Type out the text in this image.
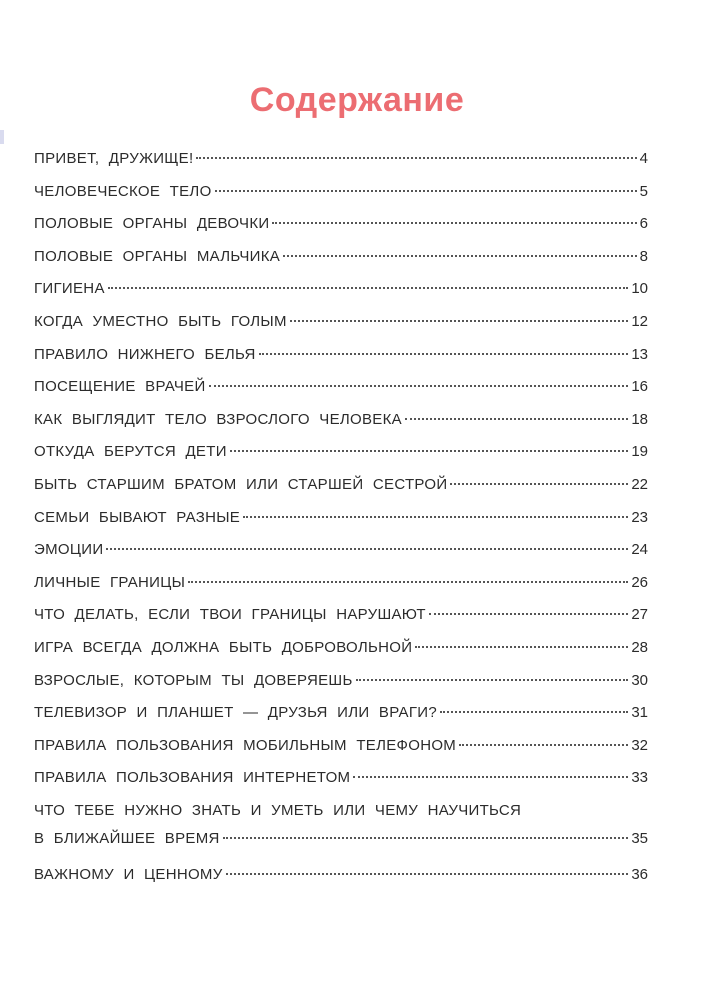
Содержание
ПРИВЕТ, ДРУЖИЩЕ!	4
ЧЕЛОВЕЧЕСКОЕ ТЕЛО	5
ПОЛОВЫЕ ОРГАНЫ ДЕВОЧКИ	6
ПОЛОВЫЕ ОРГАНЫ МАЛЬЧИКА	8
ГИГИЕНА	10
КОГДА УМЕСТНО БЫТЬ ГОЛЫМ	12
ПРАВИЛО НИЖНЕГО БЕЛЬЯ	13
ПОСЕЩЕНИЕ ВРАЧЕЙ	16
КАК ВЫГЛЯДИТ ТЕЛО ВЗРОСЛОГО ЧЕЛОВЕКА	18
ОТКУДА БЕРУТСЯ ДЕТИ	19
БЫТЬ СТАРШИМ БРАТОМ ИЛИ СТАРШЕЙ СЕСТРОЙ	22
СЕМЬИ БЫВАЮТ РАЗНЫЕ	23
ЭМОЦИИ	24
ЛИЧНЫЕ ГРАНИЦЫ	26
ЧТО ДЕЛАТЬ, ЕСЛИ ТВОИ ГРАНИЦЫ НАРУШАЮТ	27
ИГРА ВСЕГДА ДОЛЖНА БЫТЬ ДОБРОВОЛЬНОЙ	28
ВЗРОСЛЫЕ, КОТОРЫМ ТЫ ДОВЕРЯЕШЬ	30
ТЕЛЕВИЗОР И ПЛАНШЕТ — ДРУЗЬЯ ИЛИ ВРАГИ?	31
ПРАВИЛА ПОЛЬЗОВАНИЯ МОБИЛЬНЫМ ТЕЛЕФОНОМ	32
ПРАВИЛА ПОЛЬЗОВАНИЯ ИНТЕРНЕТОМ	33
ЧТО ТЕБЕ НУЖНО ЗНАТЬ И УМЕТЬ ИЛИ ЧЕМУ НАУЧИТЬСЯ
В БЛИЖАЙШЕЕ ВРЕМЯ	35
ВАЖНОМУ И ЦЕННОМУ	36
